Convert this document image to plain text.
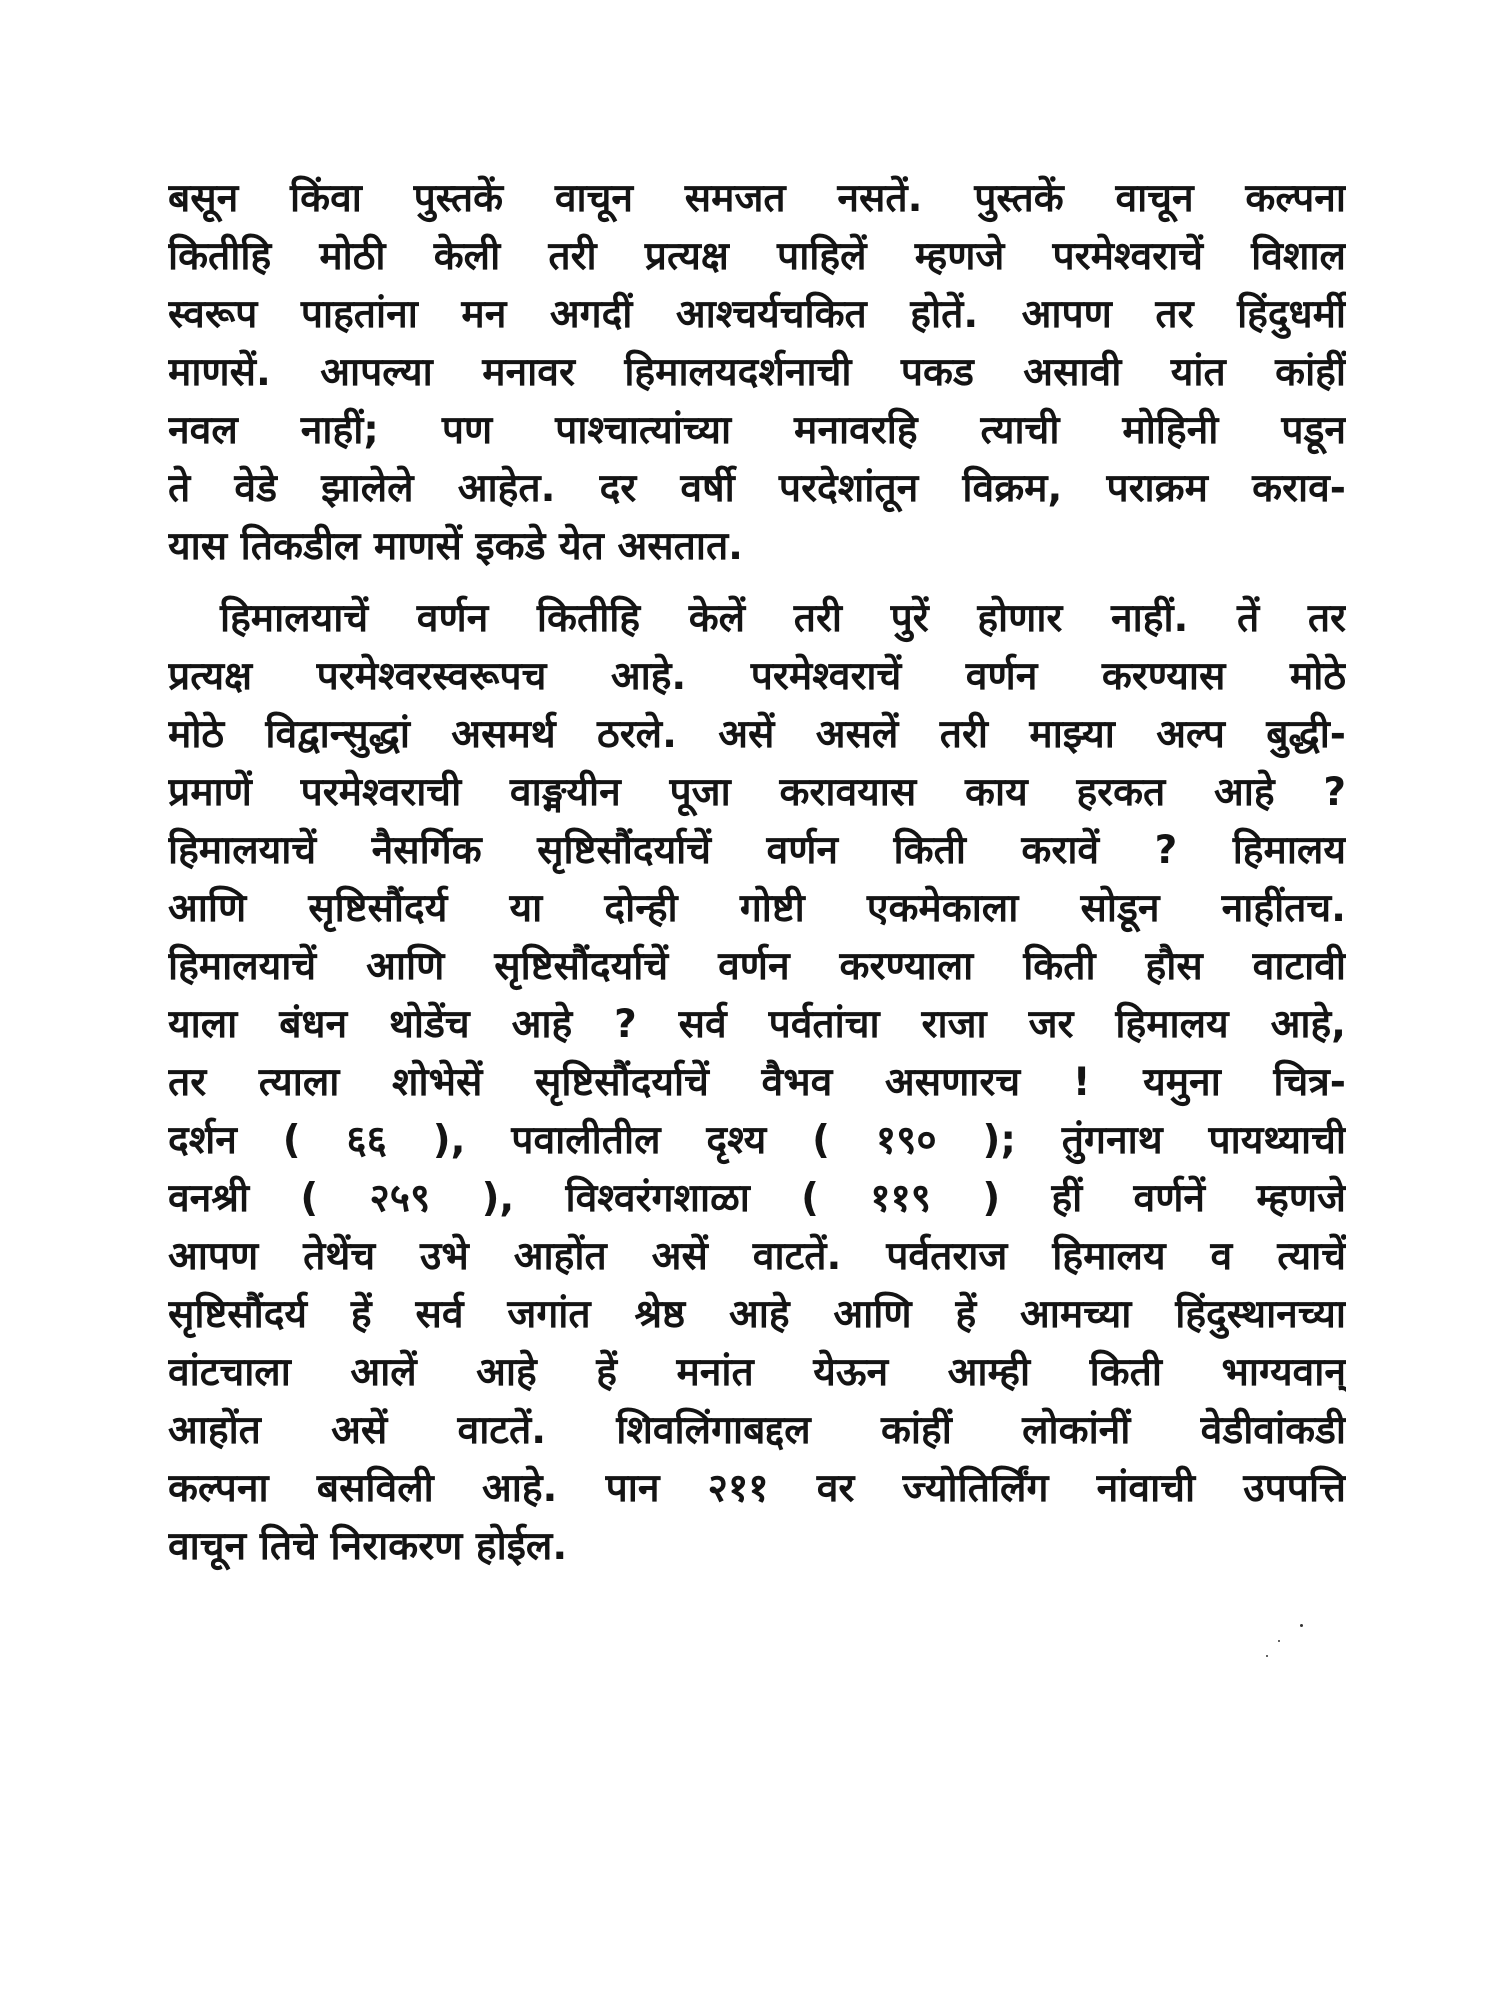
बसून किंवा पुस्तकें वाचून समजत नसतें. पुस्तकें वाचून कल्पना
कितीहि मोठी केली तरी प्रत्यक्ष पाहिलें म्हणजे परमेश्वराचें विशाल
स्वरूप पाहतांना मन अगदीं आश्चर्यचकित होतें. आपण तर हिंदुधर्मी
माणसें. आपल्या मनावर हिमालयदर्शनाची पकड असावी यांत कांहीं
नवल नाहीं; पण पाश्चात्यांच्या मनावरहि त्याची मोहिनी पडून
ते वेडे झालेले आहेत. दर वर्षी परदेशांतून विक्रम, पराक्रम कराव-
यास तिकडील माणसें इकडे येत असतात.
हिमालयाचें वर्णन कितीहि केलें तरी पुरें होणार नाहीं. तें तर
प्रत्यक्ष परमेश्वरस्वरूपच आहे. परमेश्वराचें वर्णन करण्यास मोठे
मोठे विद्वान्सुद्धां असमर्थ ठरले. असें असलें तरी माझ्या अल्प बुद्धी-
प्रमाणें परमेश्वराची वाङ्मयीन पूजा करावयास काय हरकत आहे ?
हिमालयाचें नैसर्गिक सृष्टिसौंदर्याचें वर्णन किती करावें ? हिमालय
आणि सृष्टिसौंदर्य या दोन्ही गोष्टी एकमेकाला सोडून नाहींतच.
हिमालयाचें आणि सृष्टिसौंदर्याचें वर्णन करण्याला किती हौस वाटावी
याला बंधन थोडेंच आहे ? सर्व पर्वतांचा राजा जर हिमालय आहे,
तर त्याला शोभेसें सृष्टिसौंदर्याचें वैभव असणारच ! यमुना चित्र-
दर्शन ( ६६ ), पवालीतील दृश्य ( १९० ); तुंगनाथ पायथ्याची
वनश्री ( २५९ ), विश्वरंगशाळा ( ११९ ) हीं वर्णनें म्हणजे
आपण तेथेंच उभे आहोंत असें वाटतें. पर्वतराज हिमालय व त्याचें
सृष्टिसौंदर्य हें सर्व जगांत श्रेष्ठ आहे आणि हें आमच्या हिंदुस्थानच्या
वांटचाला आलें आहे हें मनांत येऊन आम्ही किती भाग्यवान्
आहोंत असें वाटतें. शिवलिंगाबद्दल कांहीं लोकांनीं वेडीवांकडी
कल्पना बसविली आहे. पान २११ वर ज्योतिर्लिंग नांवाची उपपत्ति
वाचून तिचे निराकरण होईल.
